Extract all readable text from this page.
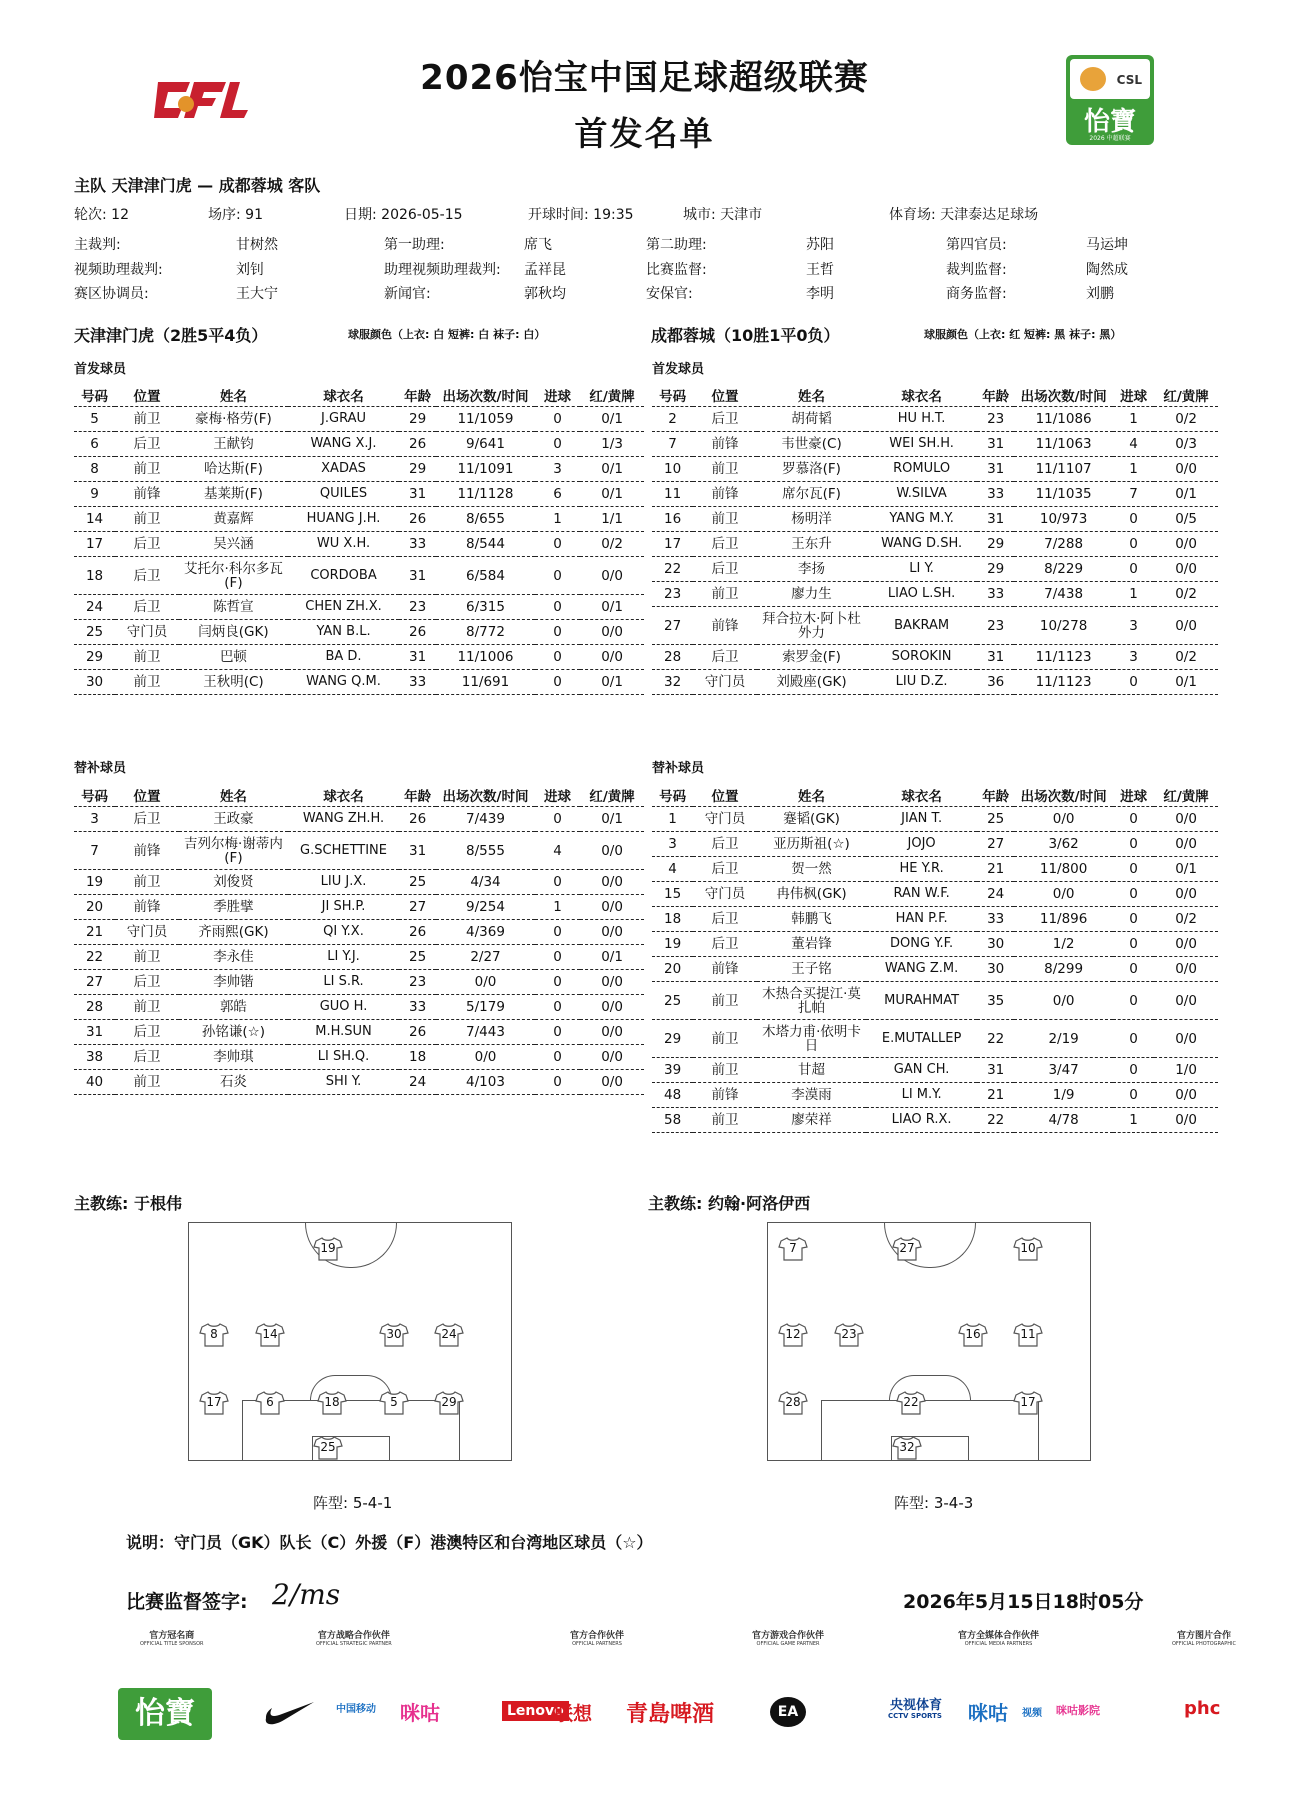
2026怡宝中国足球超级联赛
首发名单
CSL
怡寶
2026 中超联赛
主队 天津津门虎 — 成都蓉城 客队
轮次: 12	场序: 91	日期: 2026-05-15	开球时间: 19:35	城市: 天津市	体育场: 天津泰达足球场
主裁判:	甘树然	第一助理:	席飞	第二助理:	苏阳	第四官员:	马运坤
视频助理裁判:	刘钊	助理视频助理裁判: 孟祥昆	比赛监督:	王哲	裁判监督:	陶然成
赛区协调员:	王大宁	新闻官:	郭秋均	安保官:	李明	商务监督:	刘鹏
天津津门虎（2胜5平4负）	球服颜色（上衣: 白 短裤: 白 袜子: 白）	成都蓉城（10胜1平0负）	球服颜色（上衣: 红 短裤: 黑 袜子: 黑）
首发球员	首发球员
号码	位置	姓名	球衣名	年龄	出场次数/时间	进球	红/黄牌
5	前卫	豪梅·格劳(F)	J.GRAU	29	11/1059	0	0/1
6	后卫	王献钧	WANG X.J.	26	9/641	0	1/3
8	前卫	哈达斯(F)	XADAS	29	11/1091	3	0/1
9	前锋	基莱斯(F)	QUILES	31	11/1128	6	0/1
14	前卫	黄嘉辉	HUANG J.H.	26	8/655	1	1/1
17	后卫	吴兴涵	WU X.H.	33	8/544	0	0/2
18	后卫	艾托尔·科尔多瓦(F)	CORDOBA	31	6/584	0	0/0
24	后卫	陈哲宣	CHEN ZH.X.	23	6/315	0	0/1
25	守门员	闫炳良(GK)	YAN B.L.	26	8/772	0	0/0
29	前卫	巴顿	BA D.	31	11/1006	0	0/0
30	前卫	王秋明(C)	WANG Q.M.	33	11/691	0	0/1
号码	位置	姓名	球衣名	年龄	出场次数/时间	进球	红/黄牌
2	后卫	胡荷韬	HU H.T.	23	11/1086	1	0/2
7	前锋	韦世豪(C)	WEI SH.H.	31	11/1063	4	0/3
10	前卫	罗慕洛(F)	ROMULO	31	11/1107	1	0/0
11	前锋	席尔瓦(F)	W.SILVA	33	11/1035	7	0/1
16	前卫	杨明洋	YANG M.Y.	31	10/973	0	0/5
17	后卫	王东升	WANG D.SH.	29	7/288	0	0/0
22	后卫	李扬	LI Y.	29	8/229	0	0/0
23	前卫	廖力生	LIAO L.SH.	33	7/438	1	0/2
27	前锋	拜合拉木·阿卜杜外力	BAKRAM	23	10/278	3	0/0
28	后卫	索罗金(F)	SOROKIN	31	11/1123	3	0/2
32	守门员	刘殿座(GK)	LIU D.Z.	36	11/1123	0	0/1
替补球员	替补球员
号码	位置	姓名	球衣名	年龄	出场次数/时间	进球	红/黄牌
3	后卫	王政豪	WANG ZH.H.	26	7/439	0	0/1
7	前锋	吉列尔梅·谢蒂内(F)	G.SCHETTINE	31	8/555	4	0/0
19	前卫	刘俊贤	LIU J.X.	25	4/34	0	0/0
20	前锋	季胜擘	JI SH.P.	27	9/254	1	0/0
21	守门员	齐雨熙(GK)	QI Y.X.	26	4/369	0	0/0
22	前卫	李永佳	LI Y.J.	25	2/27	0	0/1
27	后卫	李帅锴	LI S.R.	23	0/0	0	0/0
28	前卫	郭皓	GUO H.	33	5/179	0	0/0
31	后卫	孙铭谦(☆)	M.H.SUN	26	7/443	0	0/0
38	后卫	李帅琪	LI SH.Q.	18	0/0	0	0/0
40	前卫	石炎	SHI Y.	24	4/103	0	0/0
号码	位置	姓名	球衣名	年龄	出场次数/时间	进球	红/黄牌
1	守门员	蹇韬(GK)	JIAN T.	25	0/0	0	0/0
3	后卫	亚历斯祖(☆)	JOJO	27	3/62	0	0/0
4	后卫	贺一然	HE Y.R.	21	11/800	0	0/1
15	守门员	冉伟枫(GK)	RAN W.F.	24	0/0	0	0/0
18	后卫	韩鹏飞	HAN P.F.	33	11/896	0	0/2
19	后卫	董岩锋	DONG Y.F.	30	1/2	0	0/0
20	前锋	王子铭	WANG Z.M.	30	8/299	0	0/0
25	前卫	木热合买提江·莫扎帕	MURAHMAT	35	0/0	0	0/0
29	前卫	木塔力甫·依明卡日	E.MUTALLEP	22	2/19	0	0/0
39	前卫	甘超	GAN CH.	31	3/47	0	1/0
48	前锋	李漠雨	LI M.Y.	21	1/9	0	0/0
58	前卫	廖荣祥	LIAO R.X.	22	4/78	1	0/0
主教练: 于根伟	主教练: 约翰·阿洛伊西
19
8	14	30	24
17	6	18	5	29
25
7	27	10
12	23	16	11
28	22	17
32
阵型: 5-4-1	阵型: 3-4-3
说明：守门员（GK）队长（C）外援（F）港澳特区和台湾地区球员（☆）
比赛监督签字: 2/ms	2026年5月15日18时05分
官方冠名商
OFFICIAL TITLE SPONSOR
官方战略合作伙伴
OFFICIAL STRATEGIC PARTNER
官方合作伙伴
OFFICIAL PARTNERS
官方游戏合作伙伴
OFFICIAL GAME PARTNER
官方全媒体合作伙伴
OFFICIAL MEDIA PARTNERS
官方图片合作
OFFICIAL PHOTOGRAPHIC
怡寶	中国移动 咪咕	Lenovo
联想 青島啤酒	EA	央视体育
CCTV SPORTS 咪咕 视频 咪咕影院	phc
